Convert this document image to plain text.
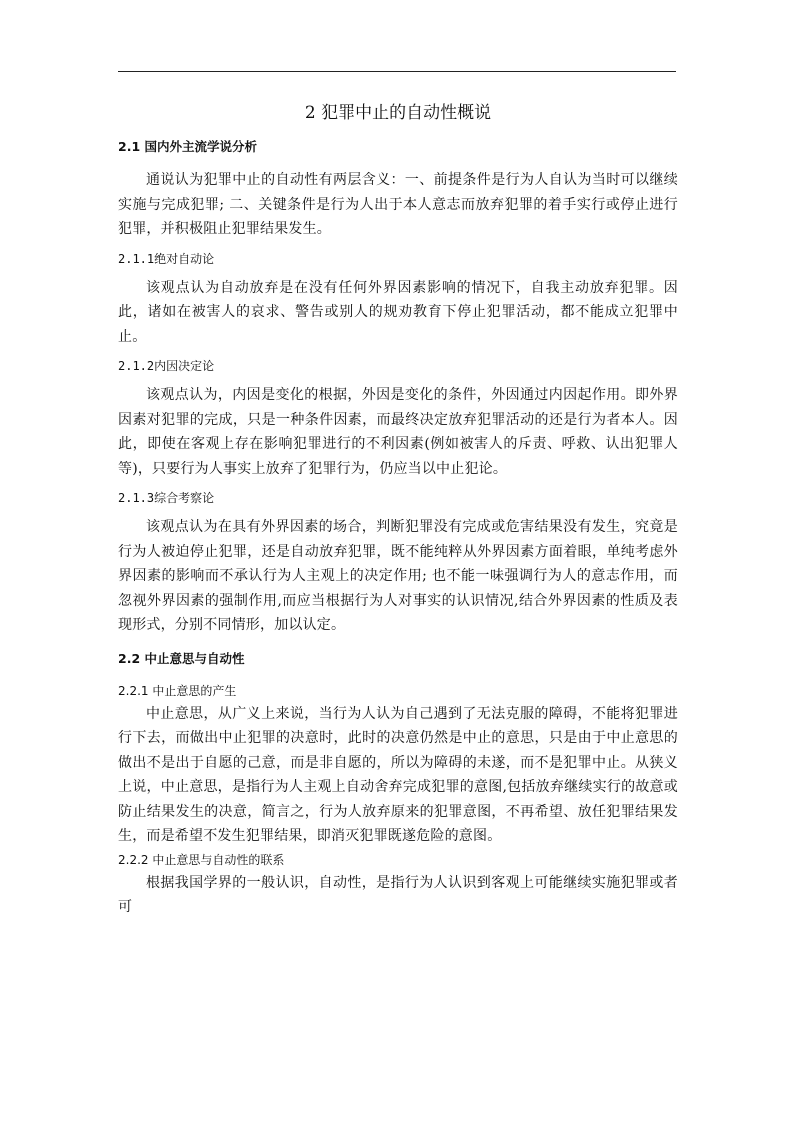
2 犯罪中止的自动性概说
2.1 国内外主流学说分析

通说认为犯罪中止的自动性有两层含义：一、前提条件是行为人自认为当时可以继续实施与完成犯罪; 二、关键条件是行为人出于本人意志而放弃犯罪的着手实行或停止进行犯罪，并积极阻止犯罪结果发生。

2.1.1绝对自动论

该观点认为自动放弃是在没有任何外界因素影响的情况下，自我主动放弃犯罪。因此，诸如在被害人的哀求、警告或别人的规劝教育下停止犯罪活动，都不能成立犯罪中止。

2.1.2内因决定论

该观点认为，内因是变化的根据，外因是变化的条件，外因通过内因起作用。即外界因素对犯罪的完成，只是一种条件因素，而最终决定放弃犯罪活动的还是行为者本人。因此，即使在客观上存在影响犯罪进行的不利因素(例如被害人的斥责、呼救、认出犯罪人等)，只要行为人事实上放弃了犯罪行为，仍应当以中止犯论。

2.1.3综合考察论

该观点认为在具有外界因素的场合，判断犯罪没有完成或危害结果没有发生，究竟是行为人被迫停止犯罪，还是自动放弃犯罪，既不能纯粹从外界因素方面着眼，单纯考虑外界因素的影响而不承认行为人主观上的决定作用; 也不能一味强调行为人的意志作用，而忽视外界因素的强制作用,而应当根据行为人对事实的认识情况,结合外界因素的性质及表现形式，分别不同情形，加以认定。

2.2 中止意思与自动性
2.2.1 中止意思的产生

中止意思，从广义上来说，当行为人认为自己遇到了无法克服的障碍，不能将犯罪进行下去，而做出中止犯罪的决意时，此时的决意仍然是中止的意思，只是由于中止意思的做出不是出于自愿的己意，而是非自愿的，所以为障碍的未遂，而不是犯罪中止。从狭义上说，中止意思，是指行为人主观上自动舍弃完成犯罪的意图,包括放弃继续实行的故意或防止结果发生的决意，简言之，行为人放弃原来的犯罪意图，不再希望、放任犯罪结果发生，而是希望不发生犯罪结果，即消灭犯罪既遂危险的意图。

2.2.2 中止意思与自动性的联系

根据我国学界的一般认识，自动性，是指行为人认识到客观上可能继续实施犯罪或者可
